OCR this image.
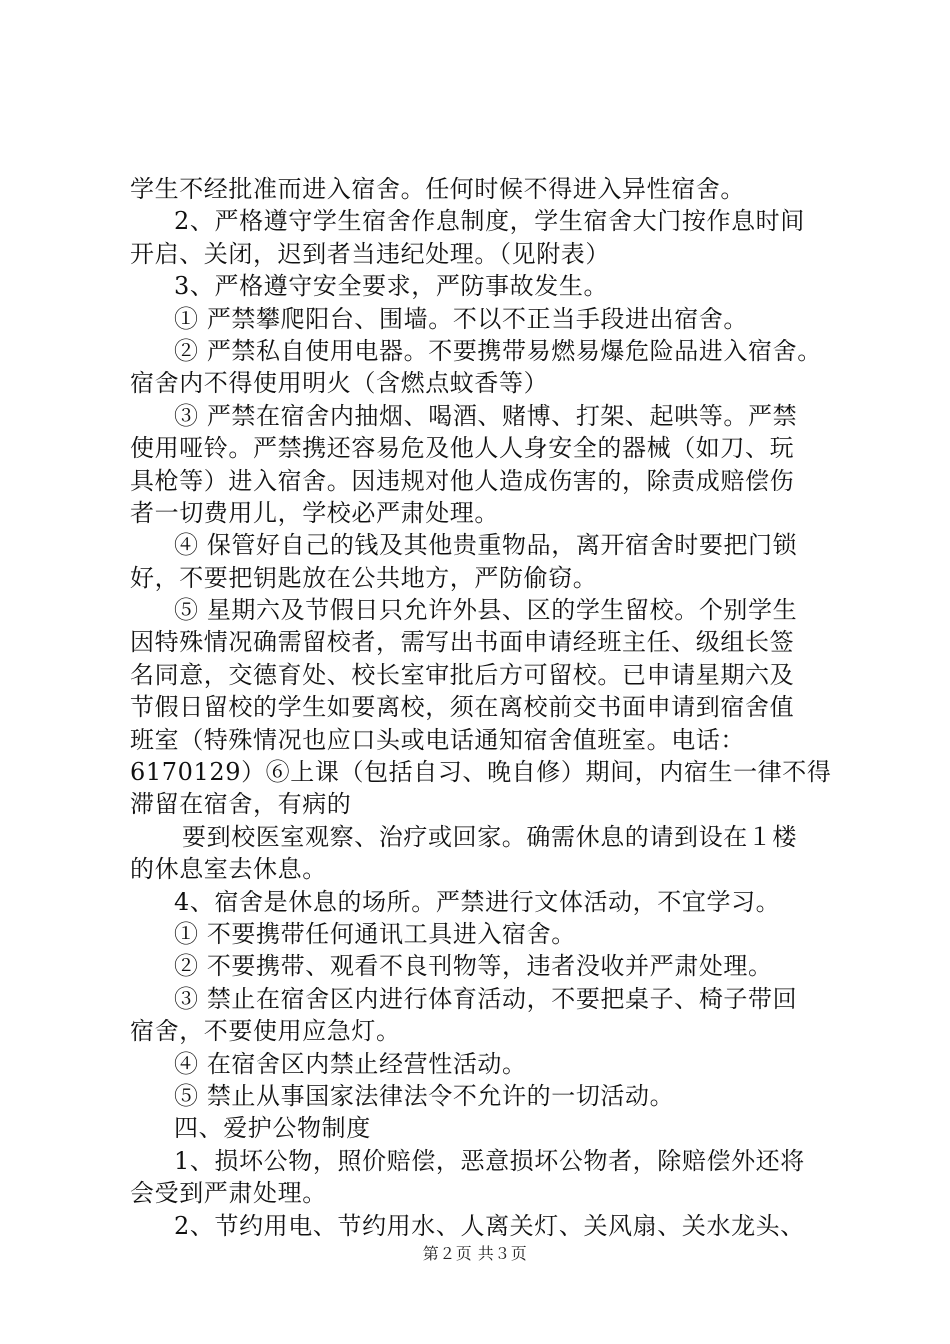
学生不经批准而进入宿舍。任何时候不得进入异性宿舍。
2、严格遵守学生宿舍作息制度，学生宿舍大门按作息时间
开启、关闭，迟到者当违纪处理。（见附表）
3、严格遵守安全要求，严防事故发生。
① 严禁攀爬阳台、围墙。不以不正当手段进出宿舍。
② 严禁私自使用电器。不要携带易燃易爆危险品进入宿舍。
宿舍内不得使用明火（含燃点蚊香等）
③ 严禁在宿舍内抽烟、喝酒、赌博、打架、起哄等。严禁
使用哑铃。严禁携还容易危及他人人身安全的器械（如刀、玩
具枪等）进入宿舍。因违规对他人造成伤害的，除责成赔偿伤
者一切费用儿，学校必严肃处理。
④ 保管好自己的钱及其他贵重物品，离开宿舍时要把门锁
好，不要把钥匙放在公共地方，严防偷窃。
⑤ 星期六及节假日只允许外县、区的学生留校。个别学生
因特殊情况确需留校者，需写出书面申请经班主任、级组长签
名同意，交德育处、校长室审批后方可留校。已申请星期六及
节假日留校的学生如要离校，须在离校前交书面申请到宿舍值
班室（特殊情况也应口头或电话通知宿舍值班室。电话：
6170129）⑥上课（包括自习、晚自修）期间，内宿生一律不得
滞留在宿舍，有病的
要到校医室观察、治疗或回家。确需休息的请到设在１楼
的休息室去休息。
4、宿舍是休息的场所。严禁进行文体活动，不宜学习。
① 不要携带任何通讯工具进入宿舍。
② 不要携带、观看不良刊物等，违者没收并严肃处理。
③ 禁止在宿舍区内进行体育活动，不要把桌子、椅子带回
宿舍，不要使用应急灯。
④ 在宿舍区内禁止经营性活动。
⑤ 禁止从事国家法律法令不允许的一切活动。
四、爱护公物制度
1、损坏公物，照价赔偿，恶意损坏公物者，除赔偿外还将
会受到严肃处理。
2、节约用电、节约用水、人离关灯、关风扇、关水龙头、
第２页 共３页
